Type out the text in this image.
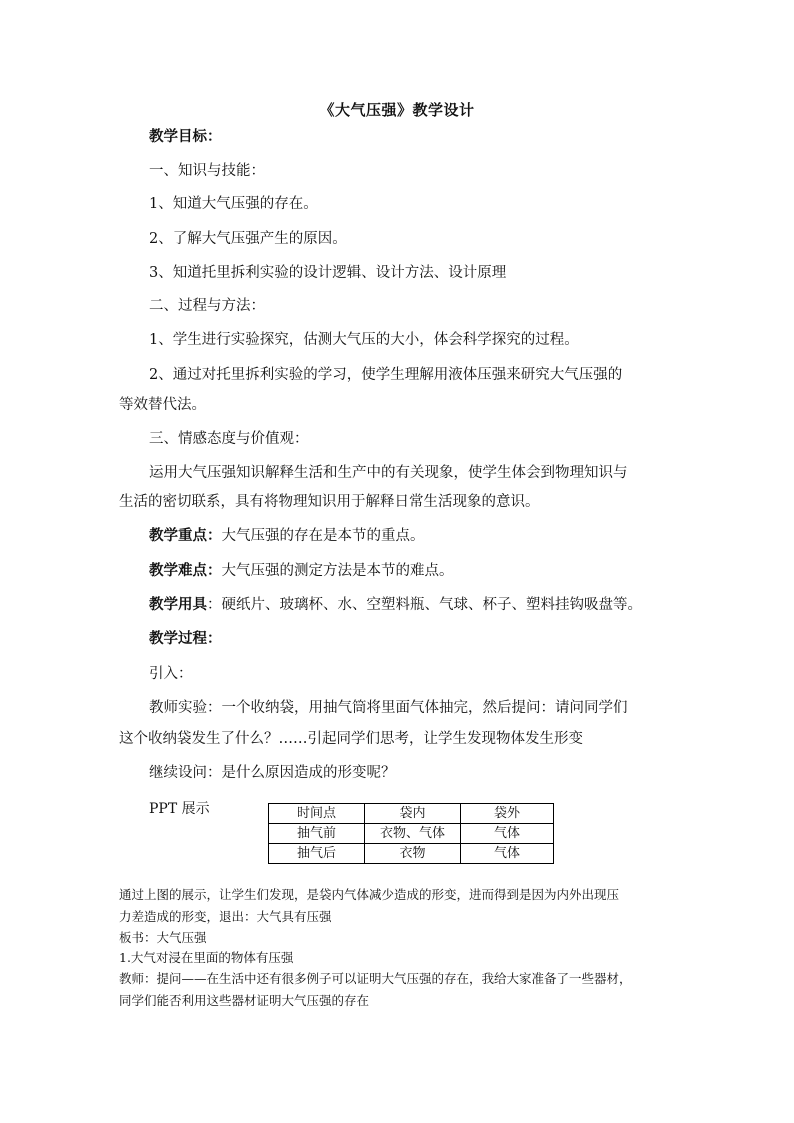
《大气压强》教学设计
教学目标：
一、知识与技能：
1、知道大气压强的存在。
2、了解大气压强产生的原因。
3、知道托里拆利实验的设计逻辑、设计方法、设计原理
二、过程与方法：
1、学生进行实验探究，估测大气压的大小，体会科学探究的过程。
2、通过对托里拆利实验的学习，使学生理解用液体压强来研究大气压强的
等效替代法。
三、情感态度与价值观：
运用大气压强知识解释生活和生产中的有关现象，使学生体会到物理知识与
生活的密切联系，具有将物理知识用于解释日常生活现象的意识。
教学重点：大气压强的存在是本节的重点。
教学难点：大气压强的测定方法是本节的难点。
教学用具：硬纸片、玻璃杯、水、空塑料瓶、气球、杯子、塑料挂钩吸盘等。
教学过程：
引入：
教师实验：一个收纳袋，用抽气筒将里面气体抽完，然后提问：请问同学们
这个收纳袋发生了什么？……引起同学们思考，让学生发现物体发生形变
继续设问：是什么原因造成的形变呢？
PPT 展示	时间点	袋内	袋外
抽气前	衣物、气体	气体
抽气后	衣物	气体
通过上图的展示，让学生们发现，是袋内气体减少造成的形变，进而得到是因为内外出现压
力差造成的形变，退出：大气具有压强
板书：大气压强
1.大气对浸在里面的物体有压强
教师：提问——在生活中还有很多例子可以证明大气压强的存在，我给大家准备了一些器材，
同学们能否利用这些器材证明大气压强的存在
